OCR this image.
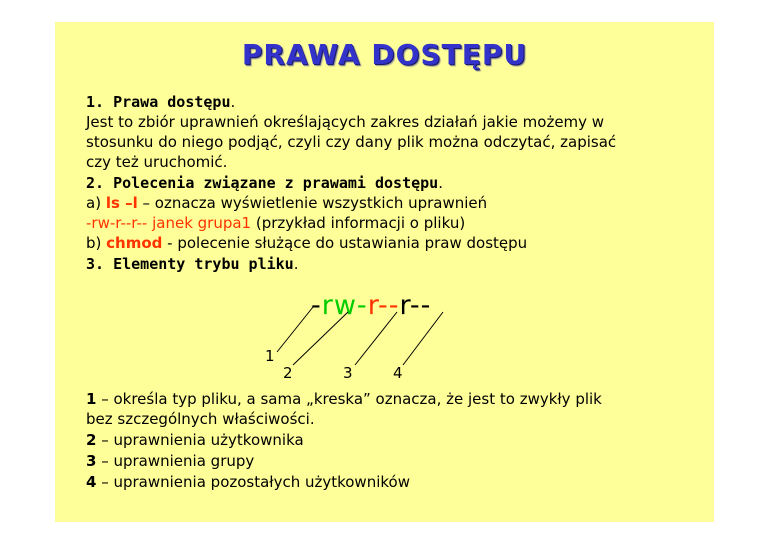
PRAWA DOSTĘPU
1. Prawa dostępu.
Jest to zbiór uprawnień określających zakres działań jakie możemy w
stosunku do niego podjąć, czyli czy dany plik można odczytać, zapisać
czy też uruchomić.
2. Polecenia związane z prawami dostępu.
a) ls –l – oznacza wyświetlenie wszystkich uprawnień
-rw-r--r-- janek grupa1 (przykład informacji o pliku)
b) chmod - polecenie służące do ustawiania praw dostępu
3. Elementy trybu pliku.
-rw-r--r--
1
2	3	4
1 – określa typ pliku, a sama „kreska” oznacza, że jest to zwykły plik
bez szczególnych właściwości.
2 – uprawnienia użytkownika
3 – uprawnienia grupy
4 – uprawnienia pozostałych użytkowników
